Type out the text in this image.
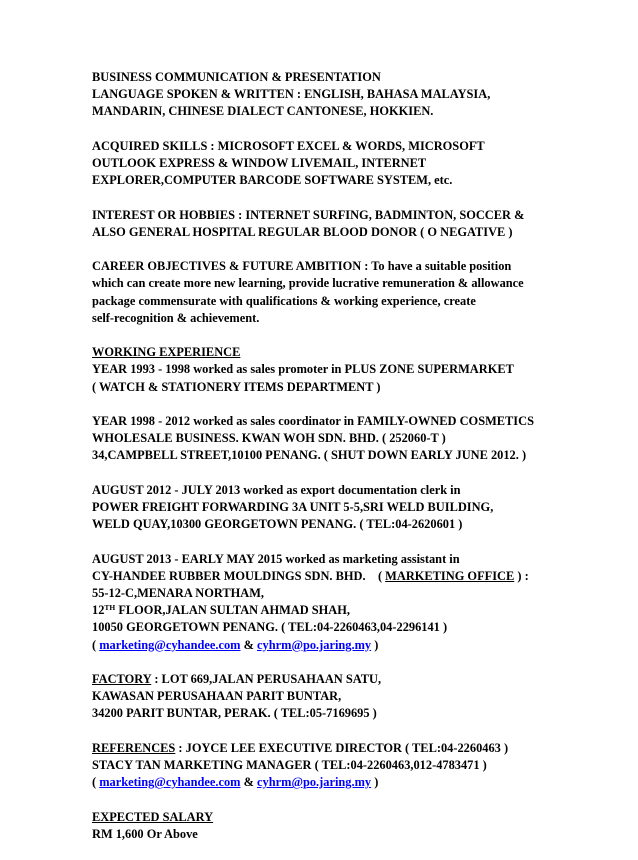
BUSINESS COMMUNICATION & PRESENTATION
LANGUAGE SPOKEN & WRITTEN : ENGLISH, BAHASA MALAYSIA,
MANDARIN, CHINESE DIALECT CANTONESE, HOKKIEN.
ACQUIRED SKILLS : MICROSOFT EXCEL & WORDS, MICROSOFT
OUTLOOK EXPRESS & WINDOW LIVEMAIL, INTERNET
EXPLORER,COMPUTER BARCODE SOFTWARE SYSTEM, etc.
INTEREST OR HOBBIES : INTERNET SURFING, BADMINTON, SOCCER &
ALSO GENERAL HOSPITAL REGULAR BLOOD DONOR ( O NEGATIVE )
CAREER OBJECTIVES & FUTURE AMBITION : To have a suitable position
which can create more new learning, provide lucrative remuneration & allowance
package commensurate with qualifications & working experience, create
self-recognition & achievement.
WORKING EXPERIENCE
YEAR 1993 - 1998 worked as sales promoter in PLUS ZONE SUPERMARKET
( WATCH & STATIONERY ITEMS DEPARTMENT )
YEAR 1998 - 2012 worked as sales coordinator in FAMILY-OWNED COSMETICS
WHOLESALE BUSINESS. KWAN WOH SDN. BHD. ( 252060-T )
34,CAMPBELL STREET,10100 PENANG. ( SHUT DOWN EARLY JUNE 2012. )
AUGUST 2012 - JULY 2013 worked as export documentation clerk in
POWER FREIGHT FORWARDING 3A UNIT 5-5,SRI WELD BUILDING,
WELD QUAY,10300 GEORGETOWN PENANG. ( TEL:04-2620601 )
AUGUST 2013 - EARLY MAY 2015 worked as marketing assistant in
CY-HANDEE RUBBER MOULDINGS SDN. BHD.    ( MARKETING OFFICE ) :
55-12-C,MENARA NORTHAM,
12TH FLOOR,JALAN SULTAN AHMAD SHAH,
10050 GEORGETOWN PENANG. ( TEL:04-2260463,04-2296141 )
( marketing@cyhandee.com & cyhrm@po.jaring.my )
FACTORY : LOT 669,JALAN PERUSAHAAN SATU,
KAWASAN PERUSAHAAN PARIT BUNTAR,
34200 PARIT BUNTAR, PERAK. ( TEL:05-7169695 )
REFERENCES : JOYCE LEE EXECUTIVE DIRECTOR ( TEL:04-2260463 )
STACY TAN MARKETING MANAGER ( TEL:04-2260463,012-4783471 )
( marketing@cyhandee.com & cyhrm@po.jaring.my )
EXPECTED SALARY
RM 1,600 Or Above
